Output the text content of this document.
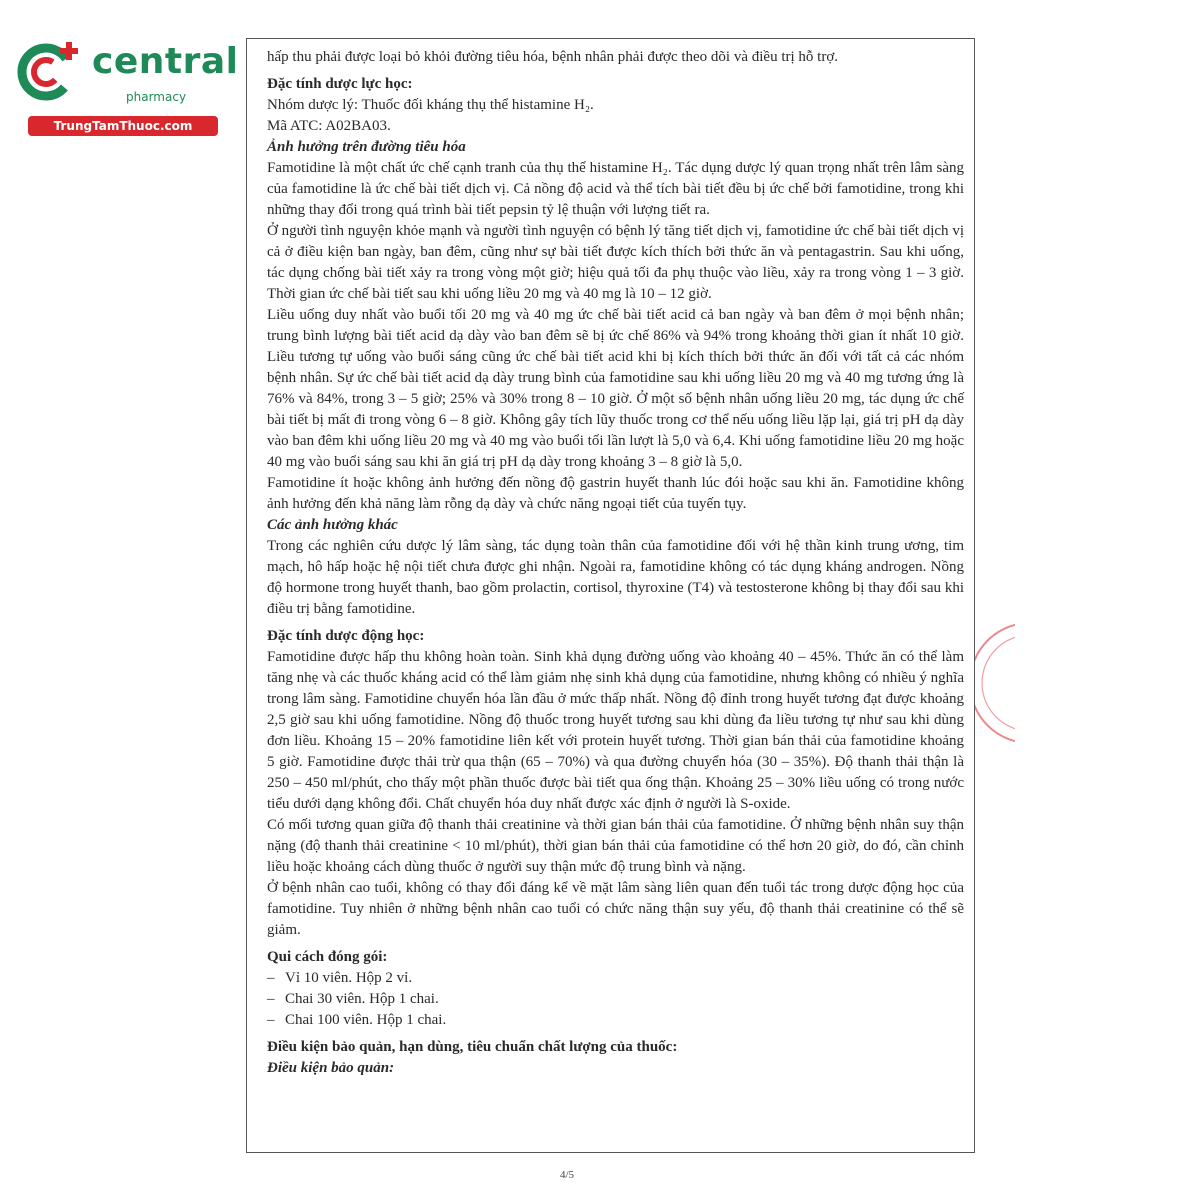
central
pharmacy
TrungTamThuoc.com

hấp thu phải được loại bỏ khỏi đường tiêu hóa, bệnh nhân phải được theo dõi và điều trị hỗ trợ.

Đặc tính dược lực học:

Nhóm dược lý: Thuốc đối kháng thụ thể histamine H₂.

Mã ATC: A02BA03.

Ảnh hưởng trên đường tiêu hóa

Famotidine là một chất ức chế cạnh tranh của thụ thể histamine H₂. Tác dụng dược lý quan trọng nhất trên lâm sàng của famotidine là ức chế bài tiết dịch vị. Cả nồng độ acid và thể tích bài tiết đều bị ức chế bởi famotidine, trong khi những thay đổi trong quá trình bài tiết pepsin tỷ lệ thuận với lượng tiết ra.

Ở người tình nguyện khỏe mạnh và người tình nguyện có bệnh lý tăng tiết dịch vị, famotidine ức chế bài tiết dịch vị cả ở điều kiện ban ngày, ban đêm, cũng như sự bài tiết được kích thích bởi thức ăn và pentagastrin. Sau khi uống, tác dụng chống bài tiết xảy ra trong vòng một giờ; hiệu quả tối đa phụ thuộc vào liều, xảy ra trong vòng 1 – 3 giờ. Thời gian ức chế bài tiết sau khi uống liều 20 mg và 40 mg là 10 – 12 giờ.

Liều uống duy nhất vào buổi tối 20 mg và 40 mg ức chế bài tiết acid cả ban ngày và ban đêm ở mọi bệnh nhân; trung bình lượng bài tiết acid dạ dày vào ban đêm sẽ bị ức chế 86% và 94% trong khoảng thời gian ít nhất 10 giờ. Liều tương tự uống vào buổi sáng cũng ức chế bài tiết acid khi bị kích thích bởi thức ăn đối với tất cả các nhóm bệnh nhân. Sự ức chế bài tiết acid dạ dày trung bình của famotidine sau khi uống liều 20 mg và 40 mg tương ứng là 76% và 84%, trong 3 – 5 giờ; 25% và 30% trong 8 – 10 giờ. Ở một số bệnh nhân uống liều 20 mg, tác dụng ức chế bài tiết bị mất đi trong vòng 6 – 8 giờ. Không gây tích lũy thuốc trong cơ thể nếu uống liều lặp lại, giá trị pH dạ dày vào ban đêm khi uống liều 20 mg và 40 mg vào buổi tối lần lượt là 5,0 và 6,4. Khi uống famotidine liều 20 mg hoặc 40 mg vào buổi sáng sau khi ăn giá trị pH dạ dày trong khoảng 3 – 8 giờ là 5,0.

Famotidine ít hoặc không ảnh hưởng đến nồng độ gastrin huyết thanh lúc đói hoặc sau khi ăn. Famotidine không ảnh hưởng đến khả năng làm rỗng dạ dày và chức năng ngoại tiết của tuyến tụy.

Các ảnh hưởng khác

Trong các nghiên cứu dược lý lâm sàng, tác dụng toàn thân của famotidine đối với hệ thần kinh trung ương, tim mạch, hô hấp hoặc hệ nội tiết chưa được ghi nhận. Ngoài ra, famotidine không có tác dụng kháng androgen. Nồng độ hormone trong huyết thanh, bao gồm prolactin, cortisol, thyroxine (T4) và testosterone không bị thay đổi sau khi điều trị bằng famotidine.

Đặc tính dược động học:

Famotidine được hấp thu không hoàn toàn. Sinh khả dụng đường uống vào khoảng 40 – 45%. Thức ăn có thể làm tăng nhẹ và các thuốc kháng acid có thể làm giảm nhẹ sinh khả dụng của famotidine, nhưng không có nhiều ý nghĩa trong lâm sàng. Famotidine chuyển hóa lần đầu ở mức thấp nhất. Nồng độ đỉnh trong huyết tương đạt được khoảng 2,5 giờ sau khi uống famotidine. Nồng độ thuốc trong huyết tương sau khi dùng đa liều tương tự như sau khi dùng đơn liều. Khoảng 15 – 20% famotidine liên kết với protein huyết tương. Thời gian bán thải của famotidine khoảng 5 giờ. Famotidine được thải trừ qua thận (65 – 70%) và qua đường chuyển hóa (30 – 35%). Độ thanh thải thận là 250 – 450 ml/phút, cho thấy một phần thuốc được bài tiết qua ống thận. Khoảng 25 – 30% liều uống có trong nước tiểu dưới dạng không đổi. Chất chuyển hóa duy nhất được xác định ở người là S-oxide.

Có mối tương quan giữa độ thanh thải creatinine và thời gian bán thải của famotidine. Ở những bệnh nhân suy thận nặng (độ thanh thải creatinine < 10 ml/phút), thời gian bán thải của famotidine có thể hơn 20 giờ, do đó, cần chỉnh liều hoặc khoảng cách dùng thuốc ở người suy thận mức độ trung bình và nặng.

Ở bệnh nhân cao tuổi, không có thay đổi đáng kể về mặt lâm sàng liên quan đến tuổi tác trong dược động học của famotidine. Tuy nhiên ở những bệnh nhân cao tuổi có chức năng thận suy yếu, độ thanh thải creatinine có thể sẽ giảm.

Qui cách đóng gói:

– Vỉ 10 viên. Hộp 2 vỉ.
– Chai 30 viên. Hộp 1 chai.
– Chai 100 viên. Hộp 1 chai.

Điều kiện bảo quản, hạn dùng, tiêu chuẩn chất lượng của thuốc:

Điều kiện bảo quản:

4/5
